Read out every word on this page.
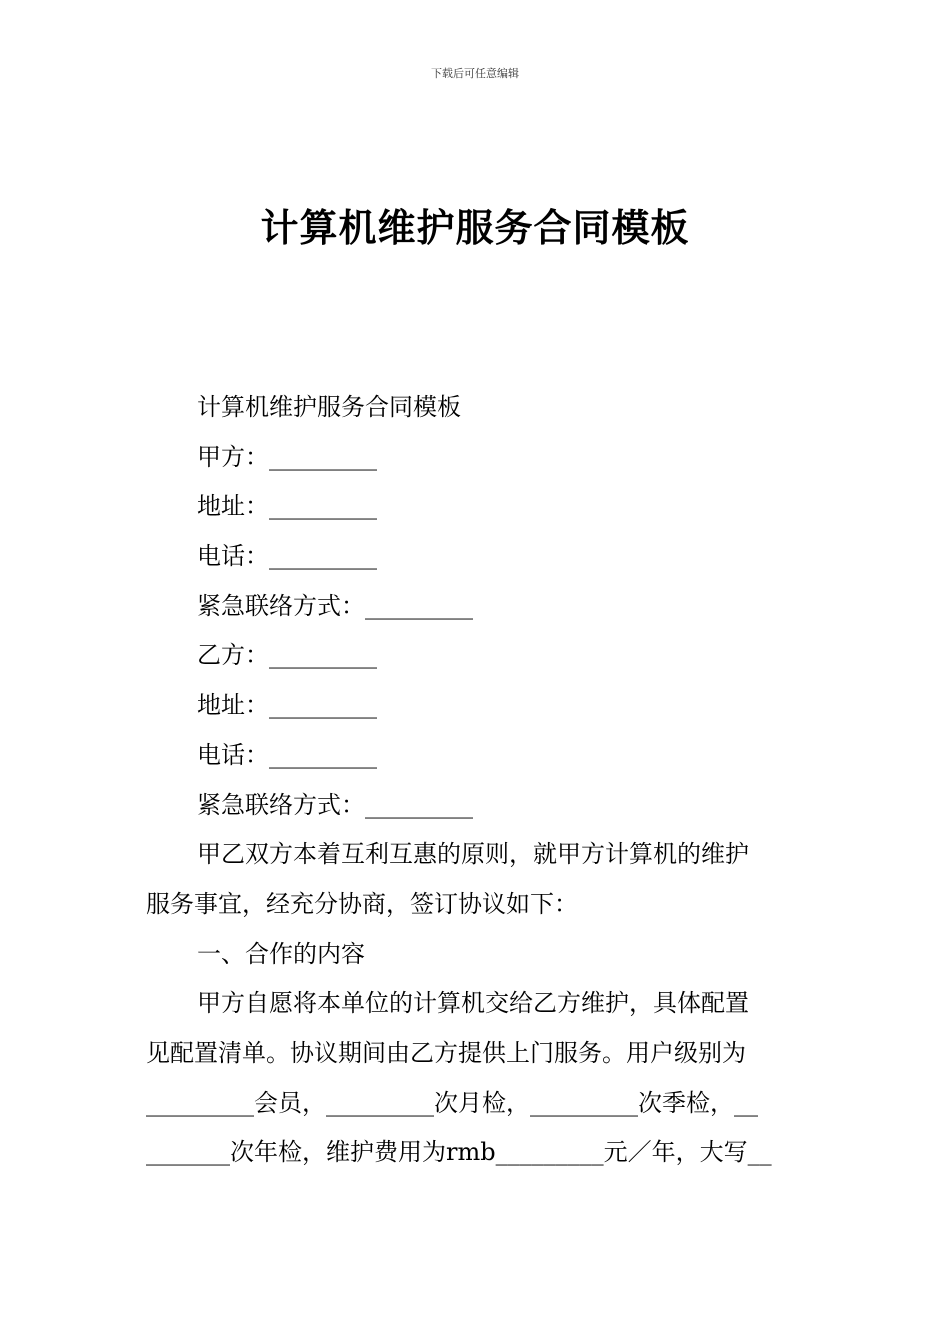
下载后可任意编辑
计算机维护服务合同模板
计算机维护服务合同模板
甲方：_________
地址：_________
电话：_________
紧急联络方式：_________
乙方：_________
地址：_________
电话：_________
紧急联络方式：_________
甲乙双方本着互利互惠的原则，就甲方计算机的维护
服务事宜，经充分协商，签订协议如下：
一、合作的内容
甲方自愿将本单位的计算机交给乙方维护，具体配置
见配置清单。协议期间由乙方提供上门服务。用户级别为
_________会员，_________次月检，_________次季检，__
_______次年检，维护费用为rmb_________元／年，大写__
